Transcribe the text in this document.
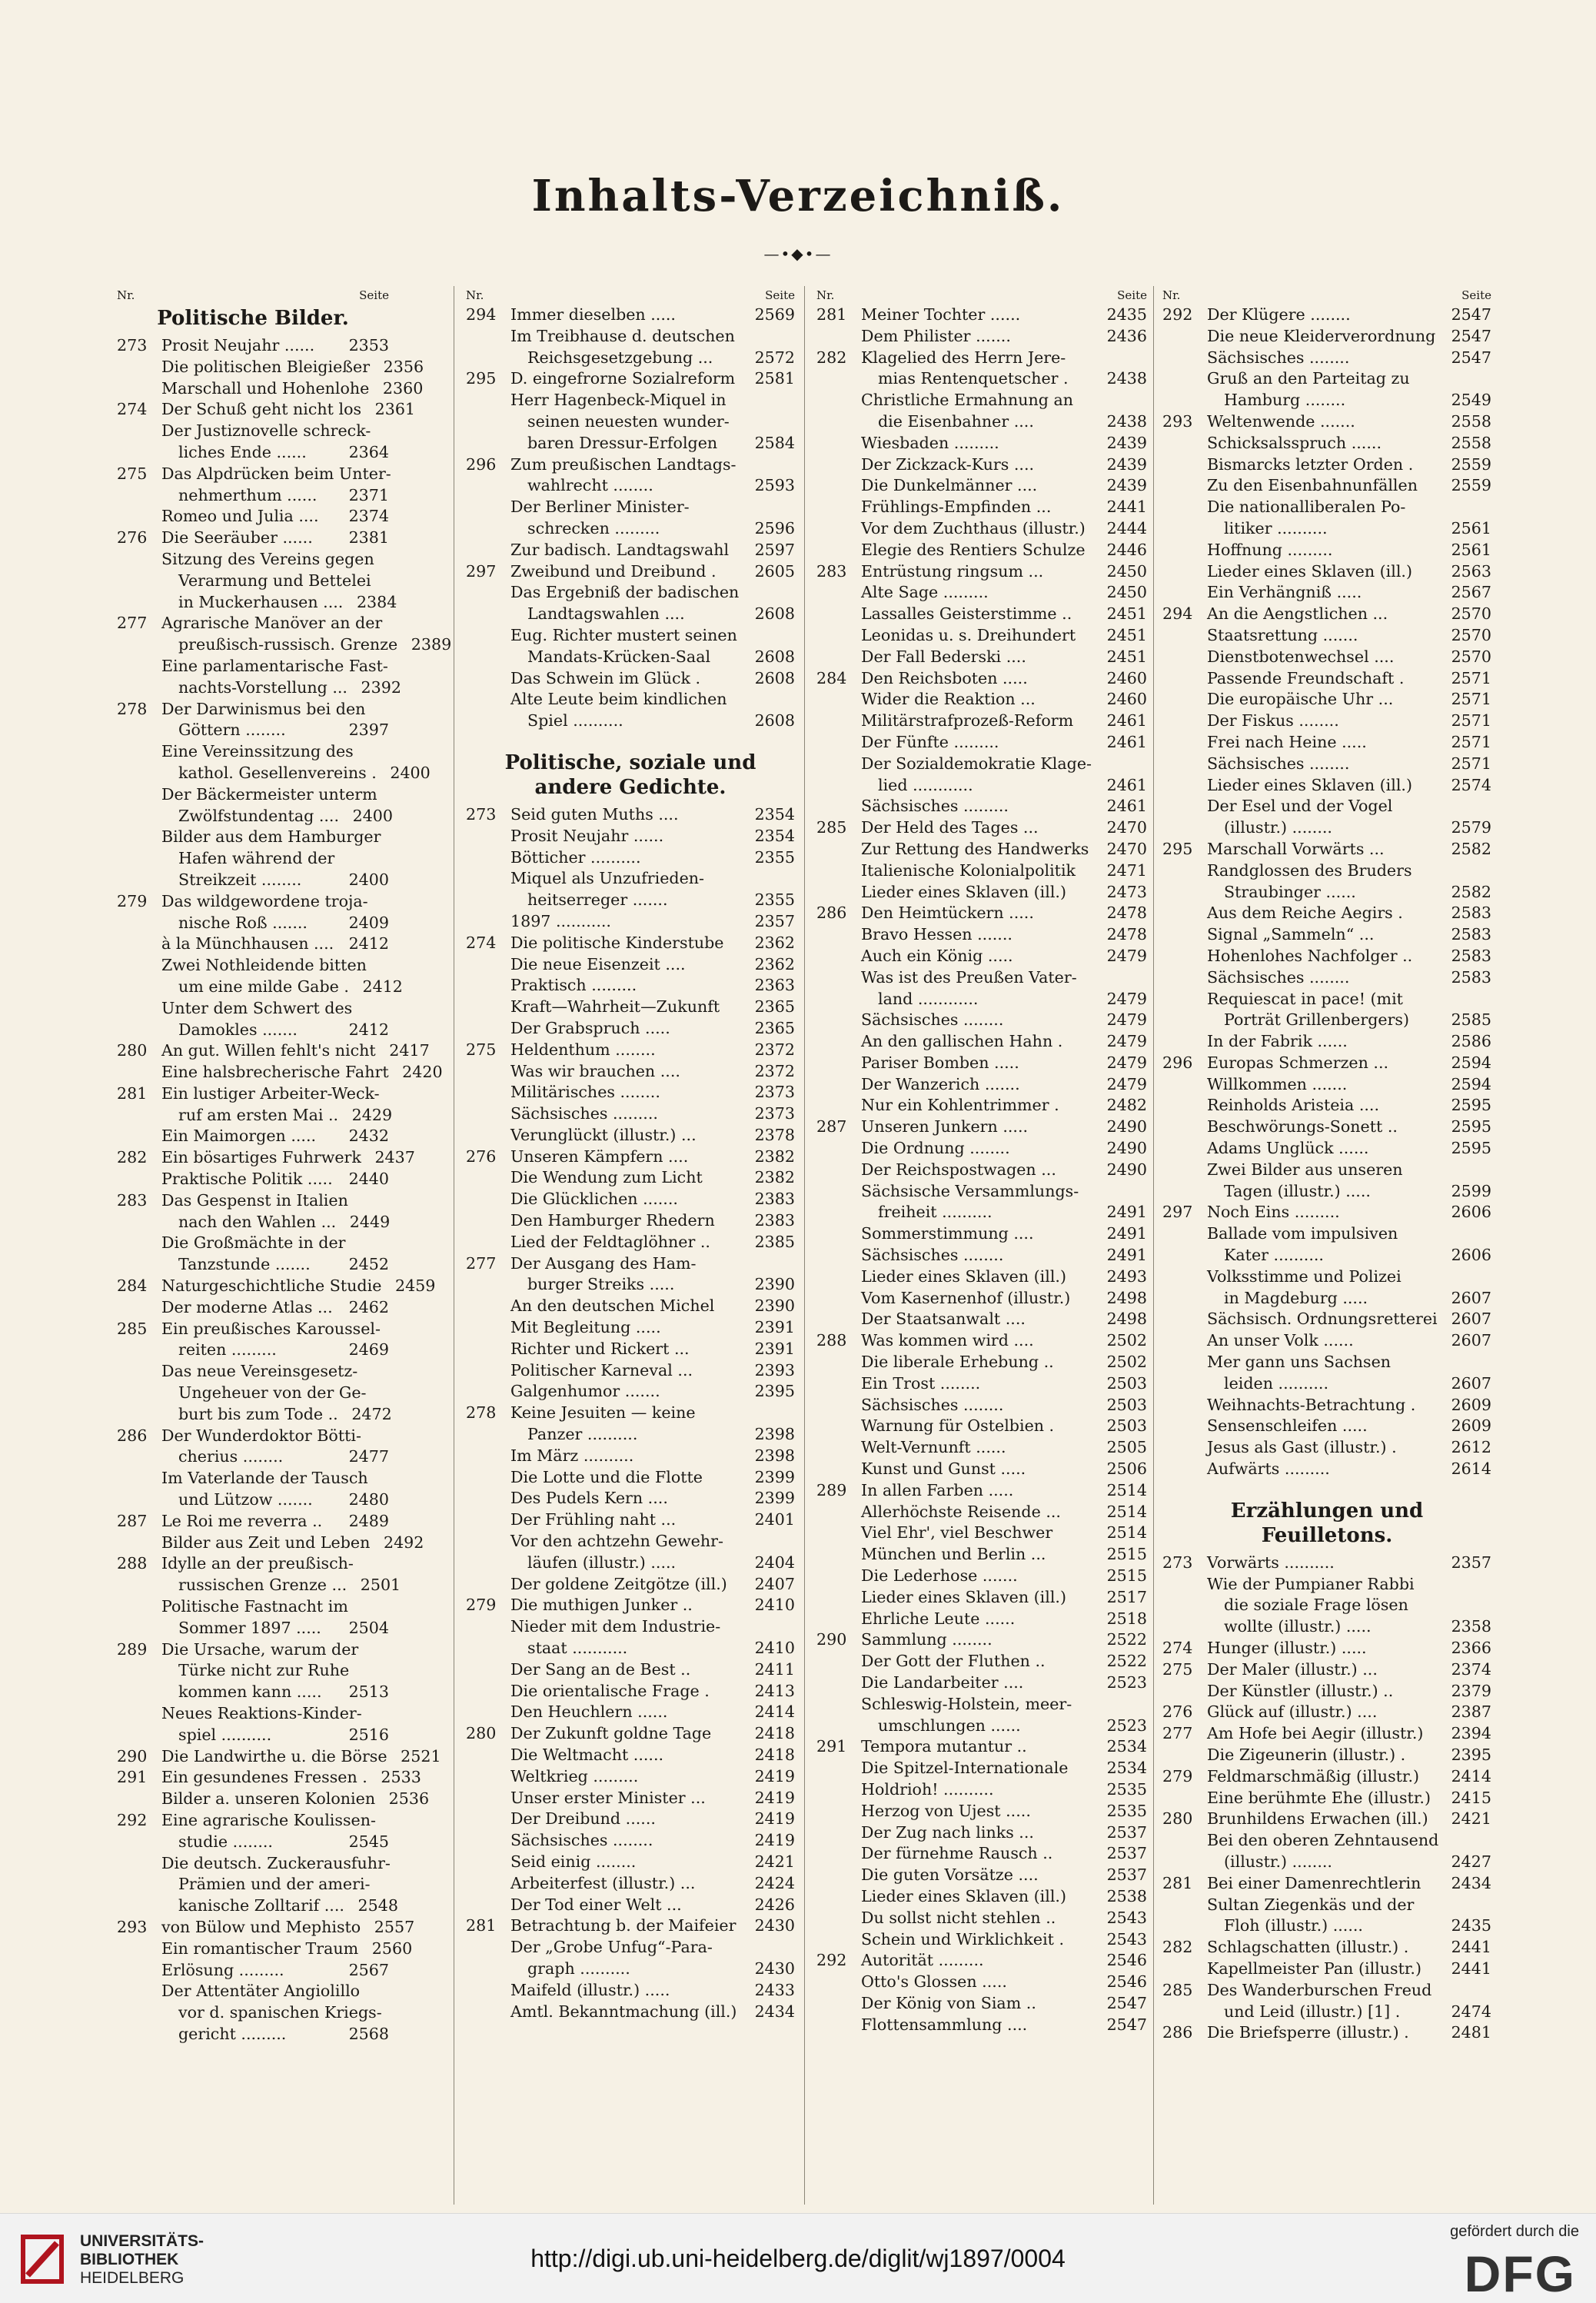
Inhalts-Verzeichniß.
—•◆•—
Nr.	Seite
Politische Bilder.
273 Prosit Neujahr ......	2353
Die politischen Bleigießer 2356
Marschall und Hohenlohe 2360
274 Der Schuß geht nicht los 2361
Der Justiznovelle schreck-
liches Ende ......	2364
275 Das Alpdrücken beim Unter-
nehmerthum ......	2371
Romeo und Julia ....	2374
276 Die Seeräuber ......	2381
Sitzung des Vereins gegen
Verarmung und Bettelei
in Muckerhausen .... 2384
277 Agrarische Manöver an der
preußisch-russisch. Grenze 2389
Eine parlamentarische Fast-
nachts-Vorstellung ... 2392
278 Der Darwinismus bei den
Göttern ........	2397
Eine Vereinssitzung des
kathol. Gesellenvereins . 2400
Der Bäckermeister unterm
Zwölfstundentag .... 2400
Bilder aus dem Hamburger
Hafen während der
Streikzeit ........	2400
279 Das wildgewordene troja-
nische Roß .......	2409
à la Münchhausen .... 2412
Zwei Nothleidende bitten
um eine milde Gabe . 2412
Unter dem Schwert des
Damokles .......	2412
280 An gut. Willen fehlt's nicht 2417
Eine halsbrecherische Fahrt 2420
281 Ein lustiger Arbeiter-Weck-
ruf am ersten Mai .. 2429
Ein Maimorgen .....	2432
282 Ein bösartiges Fuhrwerk 2437
Praktische Politik .....	2440
283 Das Gespenst in Italien
nach den Wahlen ... 2449
Die Großmächte in der
Tanzstunde .......	2452
284 Naturgeschichtliche Studie 2459
Der moderne Atlas ...	2462
285 Ein preußisches Karoussel-
reiten .........	2469
Das neue Vereinsgesetz-
Ungeheuer von der Ge-
burt bis zum Tode .. 2472
286 Der Wunderdoktor Bötti-
cherius ........	2477
Im Vaterlande der Tausch
und Lützow .......	2480
287 Le Roi me reverra ..	2489
Bilder aus Zeit und Leben 2492
288 Idylle an der preußisch-
russischen Grenze ... 2501
Politische Fastnacht im
Sommer 1897 .....	2504
289 Die Ursache, warum der
Türke nicht zur Ruhe
kommen kann .....	2513
Neues Reaktions-Kinder-
spiel ..........	2516
290 Die Landwirthe u. die Börse 2521
291 Ein gesundenes Fressen . 2533
Bilder a. unseren Kolonien 2536
292 Eine agrarische Koulissen-
studie ........	2545
Die deutsch. Zuckerausfuhr-
Prämien und der ameri-
kanische Zolltarif .... 2548
293 von Bülow und Mephisto 2557
Ein romantischer Traum 2560
Erlösung .........	2567
Der Attentäter Angiolillo
vor d. spanischen Kriegs-
gericht .........	2568
Nr.	Seite
294 Immer dieselben .....	2569
Im Treibhause d. deutschen
Reichsgesetzgebung ...	2572
295 D. eingefrorne Sozialreform	2581
Herr Hagenbeck-Miquel in
seinen neuesten wunder-
baren Dressur-Erfolgen	2584
296 Zum preußischen Landtags-
wahlrecht ........	2593
Der Berliner Minister-
schrecken .........	2596
Zur badisch. Landtagswahl	2597
297 Zweibund und Dreibund .	2605
Das Ergebniß der badischen
Landtagswahlen ....	2608
Eug. Richter mustert seinen
Mandats-Krücken-Saal	2608
Das Schwein im Glück .	2608
Alte Leute beim kindlichen
Spiel ..........	2608
Politische, soziale und andere Gedichte.
273 Seid guten Muths ....	2354
Prosit Neujahr ......	2354
Bötticher ..........	2355
Miquel als Unzufrieden-
heitserreger .......	2355
1897 ...........	2357
274 Die politische Kinderstube	2362
Die neue Eisenzeit ....	2362
Praktisch .........	2363
Kraft—Wahrheit—Zukunft	2365
Der Grabspruch .....	2365
275 Heldenthum ........	2372
Was wir brauchen ....	2372
Militärisches ........	2373
Sächsisches .........	2373
Verunglückt (illustr.) ...	2378
276 Unseren Kämpfern ....	2382
Die Wendung zum Licht	2382
Die Glücklichen .......	2383
Den Hamburger Rhedern	2383
Lied der Feldtaglöhner ..	2385
277 Der Ausgang des Ham-
burger Streiks .....	2390
An den deutschen Michel	2390
Mit Begleitung .....	2391
Richter und Rickert ...	2391
Politischer Karneval ...	2393
Galgenhumor .......	2395
278 Keine Jesuiten — keine
Panzer ..........	2398
Im März ..........	2398
Die Lotte und die Flotte	2399
Des Pudels Kern ....	2399
Der Frühling naht ...	2401
Vor den achtzehn Gewehr-
läufen (illustr.) .....	2404
Der goldene Zeitgötze (ill.)	2407
279 Die muthigen Junker ..	2410
Nieder mit dem Industrie-
staat ...........	2410
Der Sang an de Best ..	2411
Die orientalische Frage .	2413
Den Heuchlern ......	2414
280 Der Zukunft goldne Tage	2418
Die Weltmacht ......	2418
Weltkrieg .........	2419
Unser erster Minister ...	2419
Der Dreibund ......	2419
Sächsisches ........	2419
Seid einig ........	2421
Arbeiterfest (illustr.) ...	2424
Der Tod einer Welt ...	2426
281 Betrachtung b. der Maifeier	2430
Der „Grobe Unfug“-Para-
graph ..........	2430
Maifeld (illustr.) .....	2433
Amtl. Bekanntmachung (ill.)	2434
Nr.	Seite
281 Meiner Tochter ......	2435
Dem Philister .......	2436
282 Klagelied des Herrn Jere-
mias Rentenquetscher .	2438
Christliche Ermahnung an
die Eisenbahner ....	2438
Wiesbaden .........	2439
Der Zickzack-Kurs ....	2439
Die Dunkelmänner ....	2439
Frühlings-Empfinden ...	2441
Vor dem Zuchthaus (illustr.)	2444
Elegie des Rentiers Schulze	2446
283 Entrüstung ringsum ...	2450
Alte Sage .........	2450
Lassalles Geisterstimme ..	2451
Leonidas u. s. Dreihundert	2451
Der Fall Bederski ....	2451
284 Den Reichsboten .....	2460
Wider die Reaktion ...	2460
Militärstrafprozeß-Reform	2461
Der Fünfte .........	2461
Der Sozialdemokratie Klage-
lied ............	2461
Sächsisches .........	2461
285 Der Held des Tages ...	2470
Zur Rettung des Handwerks	2470
Italienische Kolonialpolitik	2471
Lieder eines Sklaven (ill.)	2473
286 Den Heimtückern .....	2478
Bravo Hessen .......	2478
Auch ein König .....	2479
Was ist des Preußen Vater-
land ............	2479
Sächsisches ........	2479
An den gallischen Hahn .	2479
Pariser Bomben .....	2479
Der Wanzerich .......	2479
Nur ein Kohlentrimmer .	2482
287 Unseren Junkern .....	2490
Die Ordnung ........	2490
Der Reichspostwagen ...	2490
Sächsische Versammlungs-
freiheit ..........	2491
Sommerstimmung ....	2491
Sächsisches ........	2491
Lieder eines Sklaven (ill.)	2493
Vom Kasernenhof (illustr.)	2498
Der Staatsanwalt ....	2498
288 Was kommen wird ....	2502
Die liberale Erhebung ..	2502
Ein Trost ........	2503
Sächsisches ........	2503
Warnung für Ostelbien .	2503
Welt-Vernunft ......	2505
Kunst und Gunst .....	2506
289 In allen Farben .....	2514
Allerhöchste Reisende ...	2514
Viel Ehr', viel Beschwer	2514
München und Berlin ...	2515
Die Lederhose .......	2515
Lieder eines Sklaven (ill.)	2517
Ehrliche Leute ......	2518
290 Sammlung ........	2522
Der Gott der Fluthen ..	2522
Die Landarbeiter ....	2523
Schleswig-Holstein, meer-
umschlungen ......	2523
291 Tempora mutantur ..	2534
Die Spitzel-Internationale	2534
Holdrioh! ..........	2535
Herzog von Ujest .....	2535
Der Zug nach links ...	2537
Der fürnehme Rausch ..	2537
Die guten Vorsätze ....	2537
Lieder eines Sklaven (ill.)	2538
Du sollst nicht stehlen ..	2543
Schein und Wirklichkeit .	2543
292 Autorität .........	2546
Otto's Glossen .....	2546
Der König von Siam ..	2547
Flottensammlung ....	2547
Nr.	Seite
292 Der Klügere ........	2547
Die neue Kleiderverordnung 2547
Sächsisches ........	2547
Gruß an den Parteitag zu
Hamburg ........	2549
293 Weltenwende .......	2558
Schicksalsspruch ......	2558
Bismarcks letzter Orden .	2559
Zu den Eisenbahnunfällen	2559
Die nationalliberalen Po-
litiker ..........	2561
Hoffnung .........	2561
Lieder eines Sklaven (ill.)	2563
Ein Verhängniß .....	2567
294 An die Aengstlichen ...	2570
Staatsrettung .......	2570
Dienstbotenwechsel ....	2570
Passende Freundschaft .	2571
Die europäische Uhr ...	2571
Der Fiskus ........	2571
Frei nach Heine .....	2571
Sächsisches ........	2571
Lieder eines Sklaven (ill.)	2574
Der Esel und der Vogel
(illustr.) ........	2579
295 Marschall Vorwärts ...	2582
Randglossen des Bruders
Straubinger ......	2582
Aus dem Reiche Aegirs .	2583
Signal „Sammeln“ ...	2583
Hohenlohes Nachfolger ..	2583
Sächsisches ........	2583
Requiescat in pace! (mit
Porträt Grillenbergers)	2585
In der Fabrik ......	2586
296 Europas Schmerzen ...	2594
Willkommen .......	2594
Reinholds Aristeia ....	2595
Beschwörungs-Sonett ..	2595
Adams Unglück ......	2595
Zwei Bilder aus unseren
Tagen (illustr.) .....	2599
297 Noch Eins .........	2606
Ballade vom impulsiven
Kater ..........	2606
Volksstimme und Polizei
in Magdeburg .....	2607
Sächsisch. Ordnungsretterei 2607
An unser Volk ......	2607
Mer gann uns Sachsen
leiden ..........	2607
Weihnachts-Betrachtung .	2609
Sensenschleifen .....	2609
Jesus als Gast (illustr.) .	2612
Aufwärts .........	2614
Erzählungen und Feuilletons.
273 Vorwärts ..........	2357
Wie der Pumpianer Rabbi
die soziale Frage lösen
wollte (illustr.) .....	2358
274 Hunger (illustr.) .....	2366
275 Der Maler (illustr.) ...	2374
Der Künstler (illustr.) ..	2379
276 Glück auf (illustr.) ....	2387
277 Am Hofe bei Aegir (illustr.)	2394
Die Zigeunerin (illustr.) .	2395
279 Feldmarschmäßig (illustr.)	2414
Eine berühmte Ehe (illustr.)	2415
280 Brunhildens Erwachen (ill.)	2421
Bei den oberen Zehntausend
(illustr.) ........	2427
281 Bei einer Damenrechtlerin	2434
Sultan Ziegenkäs und der
Floh (illustr.) ......	2435
282 Schlagschatten (illustr.) .	2441
Kapellmeister Pan (illustr.)	2441
285 Des Wanderburschen Freud
und Leid (illustr.) [1] .	2474
286 Die Briefsperre (illustr.) .	2481
UNIVERSITÄTS-
BIBLIOTHEK
HEIDELBERG
http://digi.ub.uni-heidelberg.de/diglit/wj1897/0004
gefördert durch die
DFG
